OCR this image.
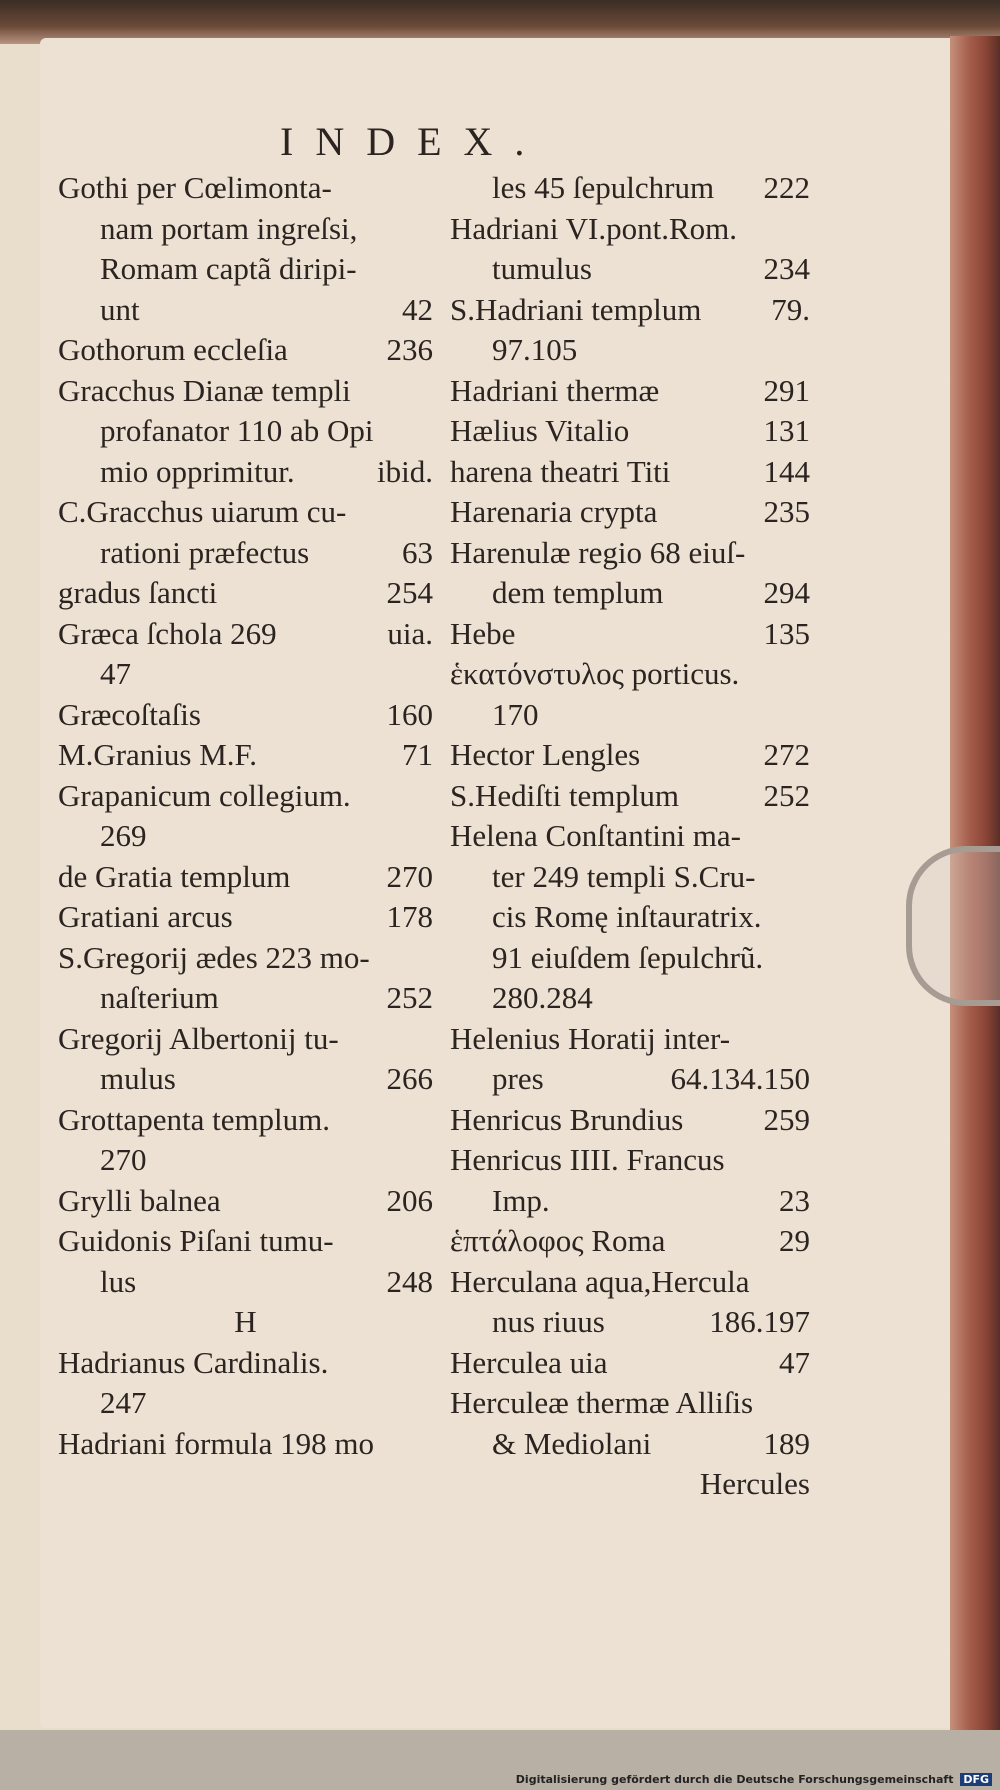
INDEX.
Gothi per Cœlimonta-
nam portam ingreſsi,
Romam captã diripi-
unt	42
Gothorum eccleſia	236
Gracchus Dianæ templi
profanator 110 ab Opi
mio opprimitur.	ibid.
C.Gracchus uiarum cu-
rationi præfectus	63
gradus ſancti	254
Græca ſchola 269	uia.
47
Græcoſtaſis	160
M.Granius M.F.	71
Grapanicum collegium.
269
de Gratia templum	270
Gratiani arcus	178
S.Gregorij ædes 223 mo-
naſterium	252
Gregorij Albertonij tu-
mulus	266
Grottapenta templum.
270
Grylli balnea	206
Guidonis Piſani tumu-
lus	248
H
Hadrianus Cardinalis.
247
Hadriani formula 198 mo
les 45 ſepulchrum 222
Hadriani VI.pont.Rom.
tumulus	234
S.Hadriani templum 79.
97.105
Hadriani thermæ	291
Hælius Vitalio	131
harena theatri Titi	144
Harenaria crypta	235
Harenulæ regio 68 eiuſ-
dem templum	294
Hebe	135
ἑκατόνστυλος porticus.
170
Hector Lengles	272
S.Hediſti templum	252
Helena Conſtantini ma-
ter 249 templi S.Cru-
cis Romę inſtauratrix.
91 eiuſdem ſepulchrũ.
280.284
Helenius Horatij inter-
pres	64.134.150
Henricus Brundius	259
Henricus IIII. Francus
Imp.	23
ἑπτάλοφος Roma	29
Herculana aqua,Hercula
nus riuus	186.197
Herculea uia	47
Herculeæ thermæ Alliſis
& Mediolani	189
Hercules
Digitalisierung gefördert durch die Deutsche Forschungsgemeinschaft DFG
